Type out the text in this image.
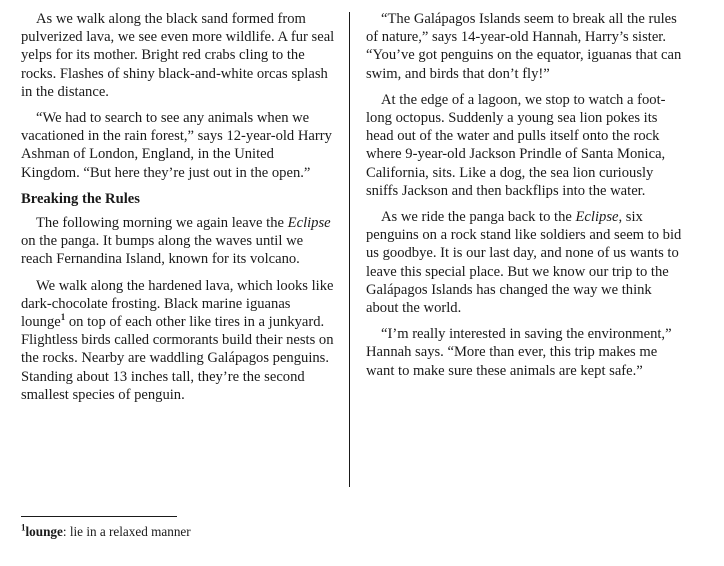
As we walk along the black sand formed from pulverized lava, we see even more wildlife. A fur seal yelps for its mother. Bright red crabs cling to the rocks. Flashes of shiny black-and-white orcas splash in the distance.

“We had to search to see any animals when we vacationed in the rain forest,” says 12-year-old Harry Ashman of London, England, in the United Kingdom. “But here they’re just out in the open.”

Breaking the Rules

The following morning we again leave the Eclipse on the panga. It bumps along the waves until we reach Fernandina Island, known for its volcano.

We walk along the hardened lava, which looks like dark-chocolate frosting. Black marine iguanas lounge$^1$ on top of each other like tires in a junkyard. Flightless birds called cormorants build their nests on the rocks. Nearby are waddling Galápagos penguins. Standing about 13 inches tall, they’re the second smallest species of penguin.

“The Galápagos Islands seem to break all the rules of nature,” says 14-year-old Hannah, Harry’s sister. “You’ve got penguins on the equator, iguanas that can swim, and birds that don’t fly!”

At the edge of a lagoon, we stop to watch a foot-long octopus. Suddenly a young sea lion pokes its head out of the water and pulls itself onto the rock where 9-year-old Jackson Prindle of Santa Monica, California, sits. Like a dog, the sea lion curiously sniffs Jackson and then backflips into the water.

As we ride the panga back to the Eclipse, six penguins on a rock stand like soldiers and seem to bid us goodbye. It is our last day, and none of us wants to leave this special place. But we know our trip to the Galápagos Islands has changed the way we think about the world.

“I’m really interested in saving the environment,” Hannah says. “More than ever, this trip makes me want to make sure these animals are kept safe.”

$^1$lounge: lie in a relaxed manner
